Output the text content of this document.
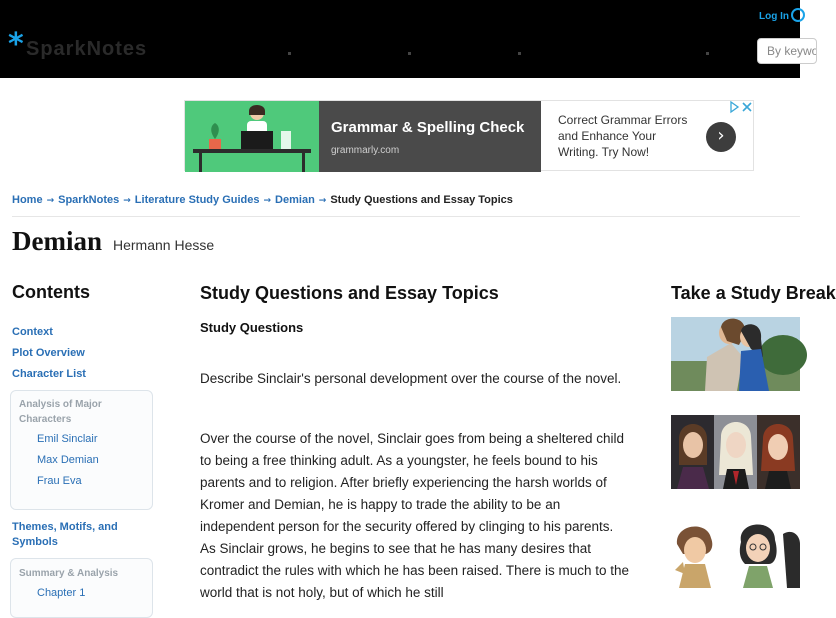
* SparkNotes
Log In
By keyword
Grammar & Spelling Check
grammarly.com
Correct Grammar Errors and Enhance Your Writing. Try Now!
›
Home → SparkNotes → Literature Study Guides → Demian → Study Questions and Essay Topics
Demian Hermann Hesse
Contents
Context
Plot Overview
Character List
Analysis of Major Characters
Emil Sinclair
Max Demian
Frau Eva
Themes, Motifs, and Symbols
Summary & Analysis
Chapter 1
Study Questions and Essay Topics
Study Questions

Describe Sinclair's personal development over the course of the novel.

Over the course of the novel, Sinclair goes from being a sheltered child to being a free thinking adult. As a youngster, he feels bound to his parents and to religion. After briefly experiencing the harsh worlds of Kromer and Demian, he is happy to trade the ability to be an independent person for the security offered by clinging to his parents. As Sinclair grows, he begins to see that he has many desires that contradict the rules with which he has been raised. There is much to the world that is not holy, but of which he still

Take a Study Break
